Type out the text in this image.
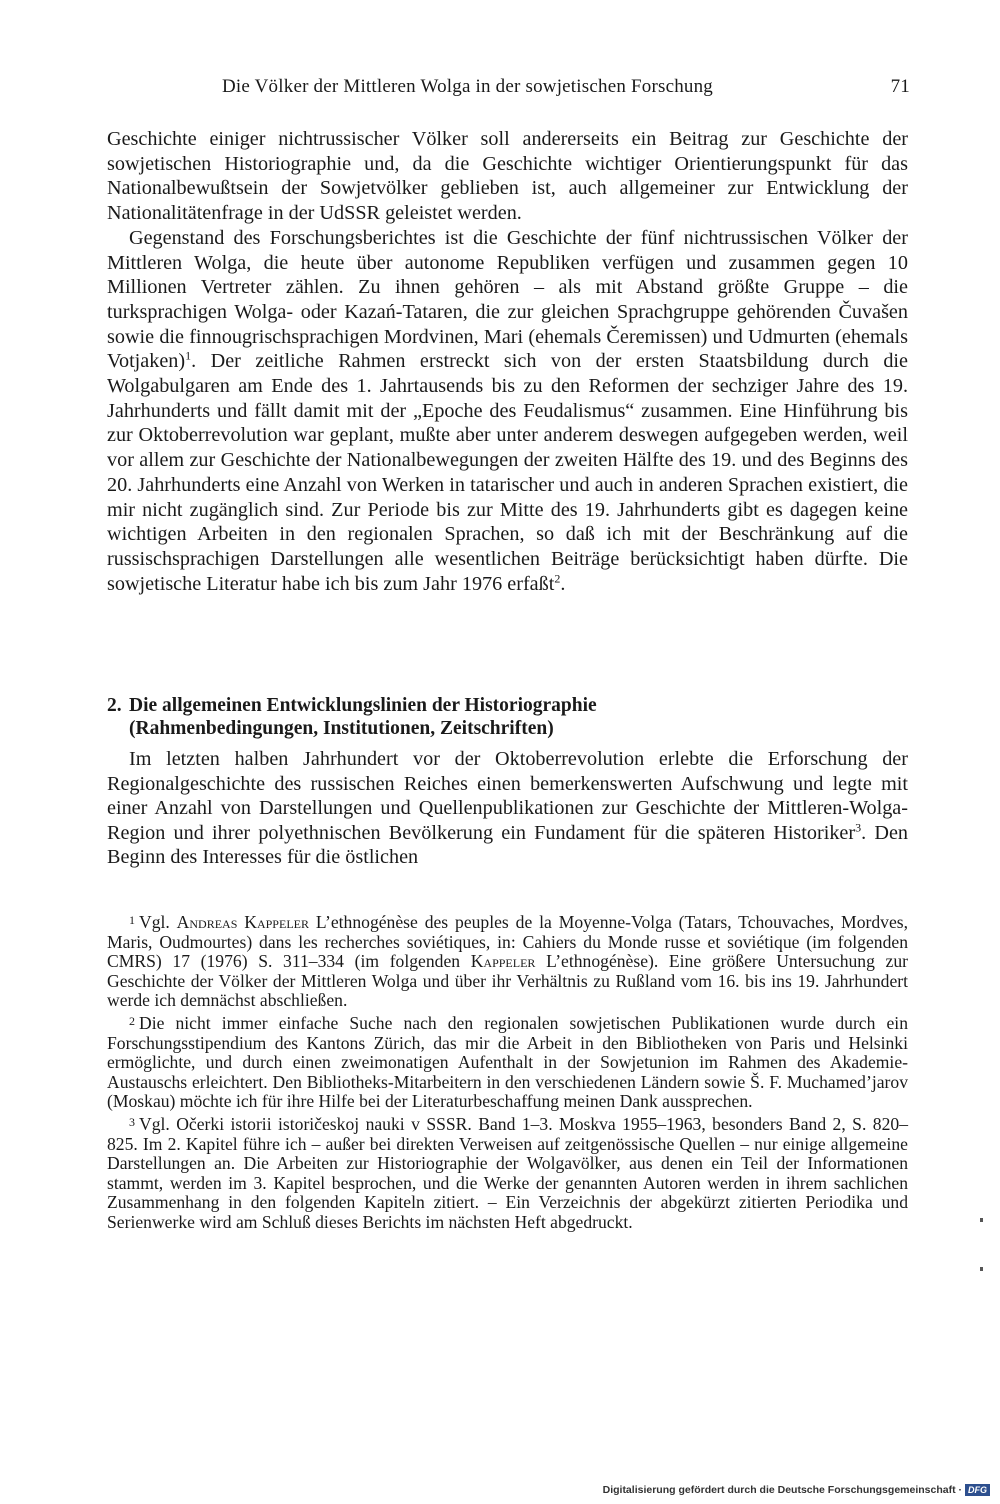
Die Völker der Mittleren Wolga in der sowjetischen Forschung	71

Geschichte einiger nichtrussischer Völker soll andererseits ein Beitrag zur Geschichte der sowjetischen Historiographie und, da die Geschichte wichtiger Orientierungspunkt für das Nationalbewußtsein der Sowjetvölker geblieben ist, auch allgemeiner zur Entwicklung der Nationalitätenfrage in der UdSSR geleistet werden.

Gegenstand des Forschungsberichtes ist die Geschichte der fünf nichtrussischen Völker der Mittleren Wolga, die heute über autonome Republiken verfügen und zusammen gegen 10 Millionen Vertreter zählen. Zu ihnen gehören – als mit Abstand größte Gruppe – die turksprachigen Wolga- oder Kazań-Tataren, die zur gleichen Sprachgruppe gehörenden Čuvašen sowie die finnougrischsprachigen Mordvinen, Mari (ehemals Čeremissen) und Udmurten (ehemals Votjaken)$^1$. Der zeitliche Rahmen erstreckt sich von der ersten Staatsbildung durch die Wolgabulgaren am Ende des 1. Jahrtausends bis zu den Reformen der sechziger Jahre des 19. Jahrhunderts und fällt damit mit der „Epoche des Feudalismus“ zusammen. Eine Hinführung bis zur Oktoberrevolution war geplant, mußte aber unter anderem deswegen aufgegeben werden, weil vor allem zur Geschichte der Nationalbewegungen der zweiten Hälfte des 19. und des Beginns des 20. Jahrhunderts eine Anzahl von Werken in tatarischer und auch in anderen Sprachen existiert, die mir nicht zugänglich sind. Zur Periode bis zur Mitte des 19. Jahrhunderts gibt es dagegen keine wichtigen Arbeiten in den regionalen Sprachen, so daß ich mit der Beschränkung auf die russischsprachigen Darstellungen alle wesentlichen Beiträge berücksichtigt haben dürfte. Die sowjetische Literatur habe ich bis zum Jahr 1976 erfaßt$^2$.

2. Die allgemeinen Entwicklungslinien der Historiographie
(Rahmenbedingungen, Institutionen, Zeitschriften)

Im letzten halben Jahrhundert vor der Oktoberrevolution erlebte die Erforschung der Regionalgeschichte des russischen Reiches einen bemerkenswerten Aufschwung und legte mit einer Anzahl von Darstellungen und Quellenpublikationen zur Geschichte der Mittleren-Wolga-Region und ihrer polyethnischen Bevölkerung ein Fundament für die späteren Historiker$^3$. Den Beginn des Interesses für die östlichen

$^1$ Vgl. Andreas Kappeler L’ethnogénèse des peuples de la Moyenne-Volga (Tatars, Tchouvaches, Mordves, Maris, Oudmourtes) dans les recherches soviétiques, in: Cahiers du Monde russe et soviétique (im folgenden CMRS) 17 (1976) S. 311–334 (im folgenden Kappeler L’ethnogénèse). Eine größere Untersuchung zur Geschichte der Völker der Mittleren Wolga und über ihr Verhältnis zu Rußland vom 16. bis ins 19. Jahrhundert werde ich demnächst abschließen.

$^2$ Die nicht immer einfache Suche nach den regionalen sowjetischen Publikationen wurde durch ein Forschungsstipendium des Kantons Zürich, das mir die Arbeit in den Bibliotheken von Paris und Helsinki ermöglichte, und durch einen zweimonatigen Aufenthalt in der Sowjetunion im Rahmen des Akademie-Austauschs erleichtert. Den Bibliotheks-Mitarbeitern in den verschiedenen Ländern sowie Š. F. Muchamed’jarov (Moskau) möchte ich für ihre Hilfe bei der Literaturbeschaffung meinen Dank aussprechen.

$^3$ Vgl. Očerki istorii istoričeskoj nauki v SSSR. Band 1–3. Moskva 1955–1963, besonders Band 2, S. 820–825. Im 2. Kapitel führe ich – außer bei direkten Verweisen auf zeitgenössische Quellen – nur einige allgemeine Darstellungen an. Die Arbeiten zur Historiographie der Wolgavölker, aus denen ein Teil der Informationen stammt, werden im 3. Kapitel besprochen, und die Werke der genannten Autoren werden in ihrem sachlichen Zusammenhang in den folgenden Kapiteln zitiert. – Ein Verzeichnis der abgekürzt zitierten Periodika und Serienwerke wird am Schluß dieses Berichts im nächsten Heft abgedruckt.

Digitalisierung gefördert durch die Deutsche Forschungsgemeinschaft · DFG
